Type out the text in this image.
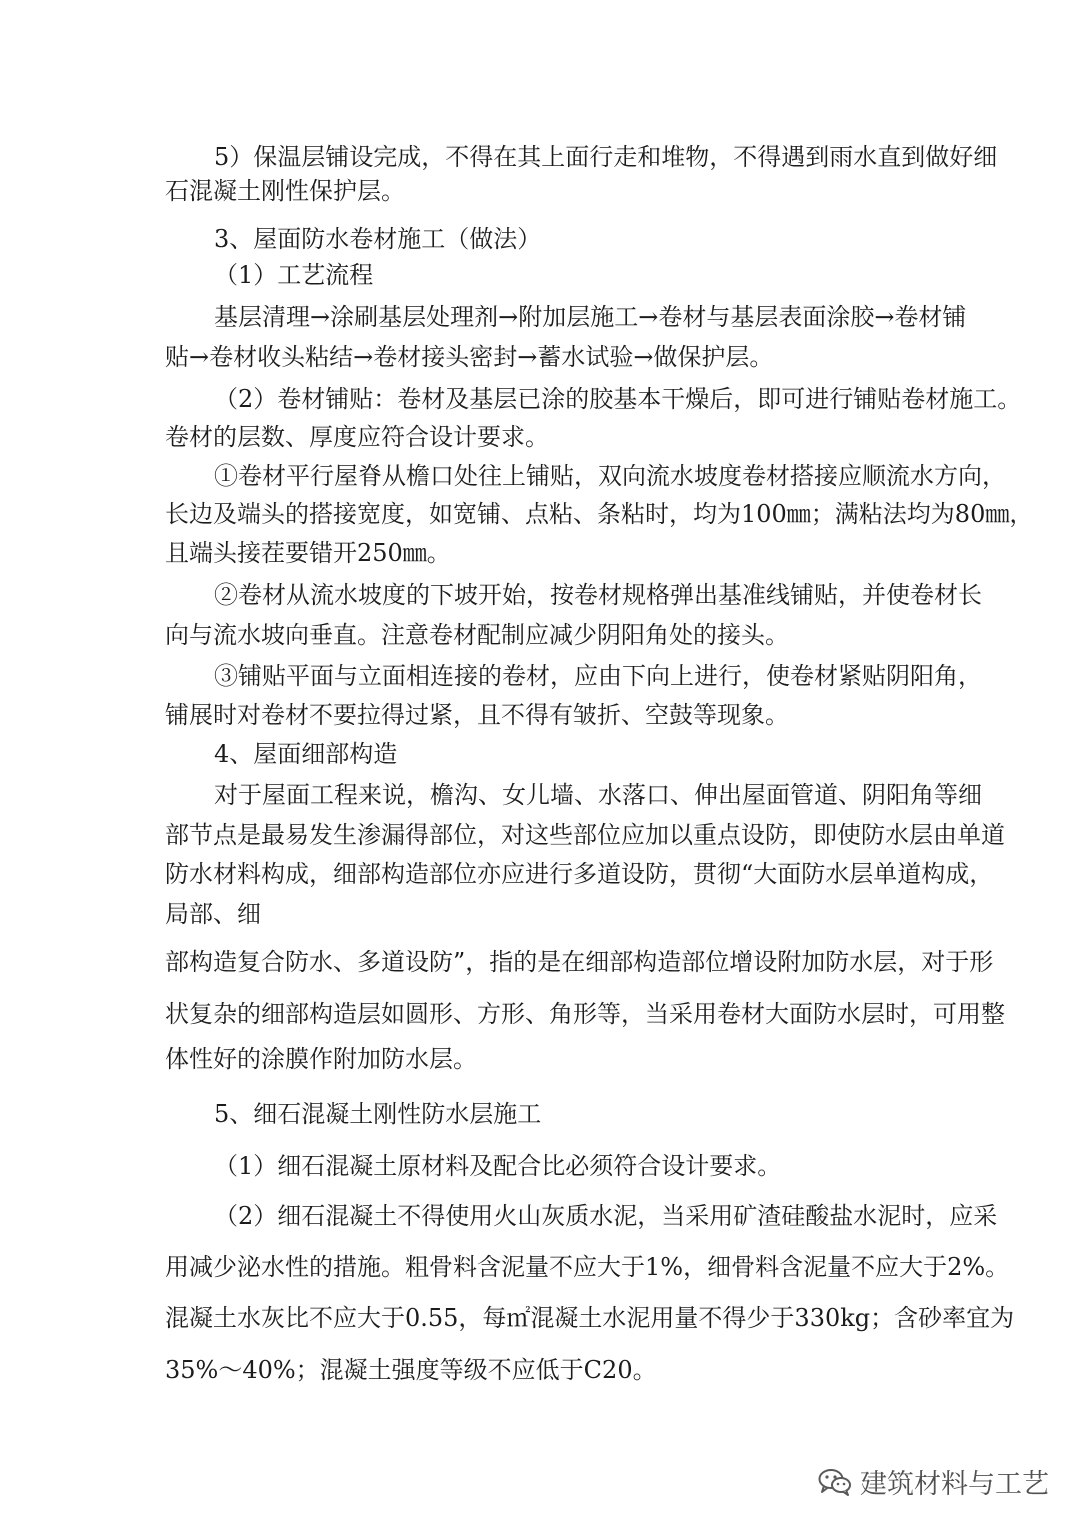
5）保温层铺设完成，不得在其上面行走和堆物，不得遇到雨水直到做好细
石混凝土刚性保护层。
3、屋面防水卷材施工（做法）
（1）工艺流程
基层清理→涂刷基层处理剂→附加层施工→卷材与基层表面涂胶→卷材铺
贴→卷材收头粘结→卷材接头密封→蓄水试验→做保护层。
（2）卷材铺贴：卷材及基层已涂的胶基本干燥后，即可进行铺贴卷材施工。
卷材的层数、厚度应符合设计要求。
①卷材平行屋脊从檐口处往上铺贴，双向流水坡度卷材搭接应顺流水方向，
长边及端头的搭接宽度，如宽铺、点粘、条粘时，均为100㎜；满粘法均为80㎜，
且端头接茬要错开250㎜。
②卷材从流水坡度的下坡开始，按卷材规格弹出基准线铺贴，并使卷材长
向与流水坡向垂直。注意卷材配制应减少阴阳角处的接头。
③铺贴平面与立面相连接的卷材，应由下向上进行，使卷材紧贴阴阳角，
铺展时对卷材不要拉得过紧，且不得有皱折、空鼓等现象。
4、屋面细部构造
对于屋面工程来说，檐沟、女儿墙、水落口、伸出屋面管道、阴阳角等细
部节点是最易发生渗漏得部位，对这些部位应加以重点设防，即使防水层由单道
防水材料构成，细部构造部位亦应进行多道设防，贯彻“大面防水层单道构成，
局部、细
部构造复合防水、多道设防”，指的是在细部构造部位增设附加防水层，对于形
状复杂的细部构造层如圆形、方形、角形等，当采用卷材大面防水层时，可用整
体性好的涂膜作附加防水层。
5、细石混凝土刚性防水层施工
（1）细石混凝土原材料及配合比必须符合设计要求。
（2）细石混凝土不得使用火山灰质水泥，当采用矿渣硅酸盐水泥时，应采
用减少泌水性的措施。粗骨料含泥量不应大于1%，细骨料含泥量不应大于2%。
混凝土水灰比不应大于0.55，每㎡混凝土水泥用量不得少于330kg；含砂率宜为
35%～40%；混凝土强度等级不应低于C20。
建筑材料与工艺
